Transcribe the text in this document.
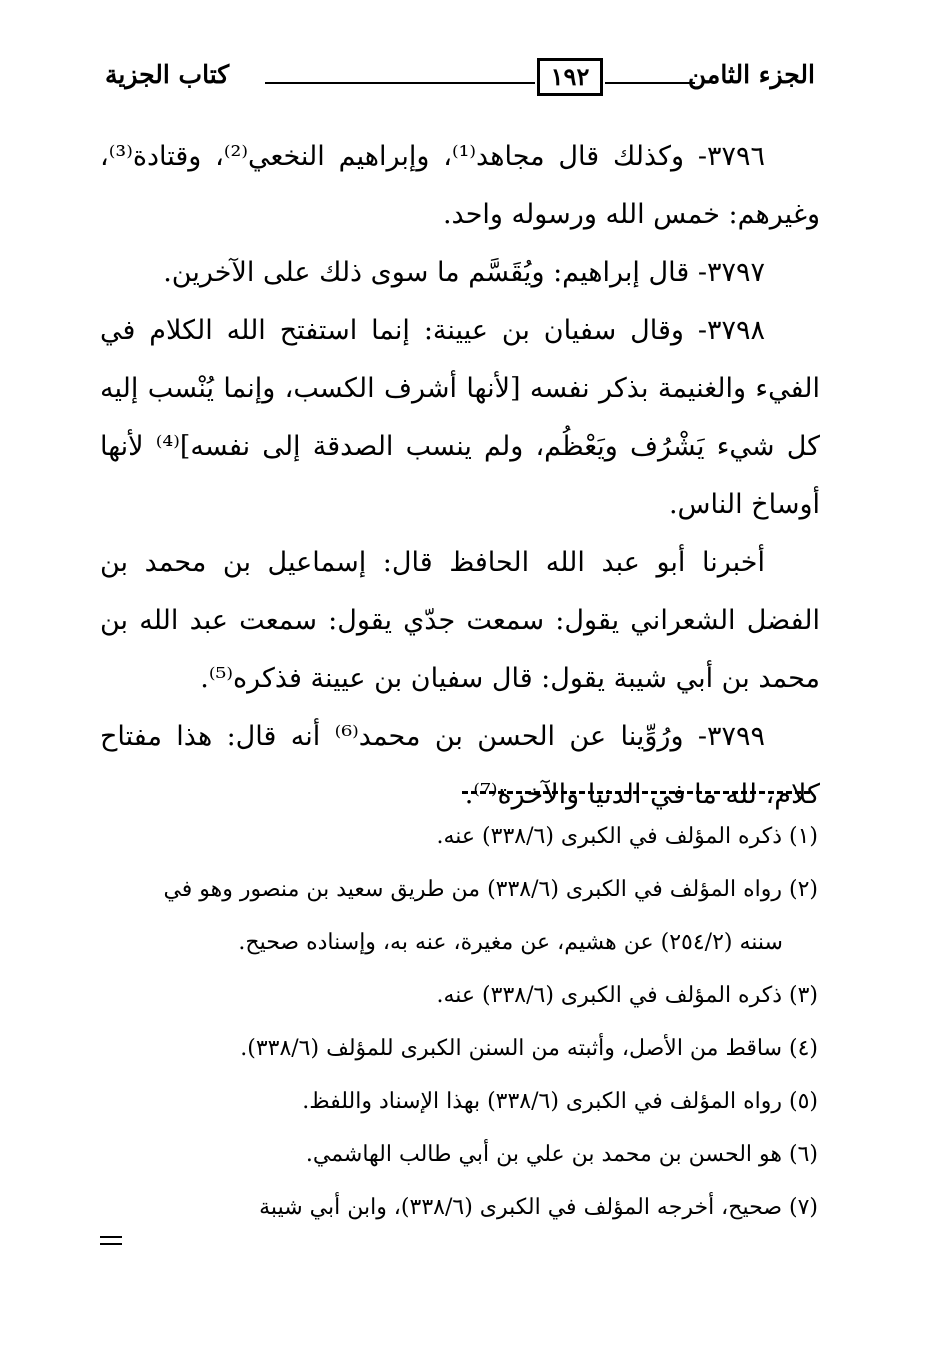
كتاب الجزية	١٩٢	الجزء الثامن

٣٧٩٦- وكذلك قال مجاهد⁽¹⁾، وإبراهيم النخعي⁽²⁾، وقتادة⁽³⁾، وغيرهم: خمس الله ورسوله واحد.

٣٧٩٧- قال إبراهيم: ويُقَسَّم ما سوى ذلك على الآخرين.

٣٧٩٨- وقال سفيان بن عيينة: إنما استفتح الله الكلام في الفيء والغنيمة بذكر نفسه [لأنها أشرف الكسب، وإنما يُنْسب إليه كل شيء يَشْرُف ويَعْظُم، ولم ينسب الصدقة إلى نفسه]⁽⁴⁾ لأنها أوساخ الناس.

أخبرنا أبو عبد الله الحافظ قال: إسماعيل بن محمد بن الفضل الشعراني يقول: سمعت جدّي يقول: سمعت عبد الله بن محمد بن أبي شيبة يقول: قال سفيان بن عيينة فذكره⁽⁵⁾.

٣٧٩٩- ورُوِّينا عن الحسن بن محمد⁽⁶⁾ أنه قال: هذا مفتاح كلام، لله ما في الدنيا والآخرة⁽⁷⁾.

(١) ذكره المؤلف في الكبرى (٣٣٨/٦) عنه.

(٢) رواه المؤلف في الكبرى (٣٣٨/٦) من طريق سعيد بن منصور وهو في

سننه (٢٥٤/٢) عن هشيم، عن مغيرة، عنه به، وإسناده صحيح.

(٣) ذكره المؤلف في الكبرى (٣٣٨/٦) عنه.

(٤) ساقط من الأصل، وأثبته من السنن الكبرى للمؤلف (٣٣٨/٦).

(٥) رواه المؤلف في الكبرى (٣٣٨/٦) بهذا الإسناد واللفظ.

(٦) هو الحسن بن محمد بن علي بن أبي طالب الهاشمي.

(٧) صحيح، أخرجه المؤلف في الكبرى (٣٣٨/٦)، وابن أبي شيبة
